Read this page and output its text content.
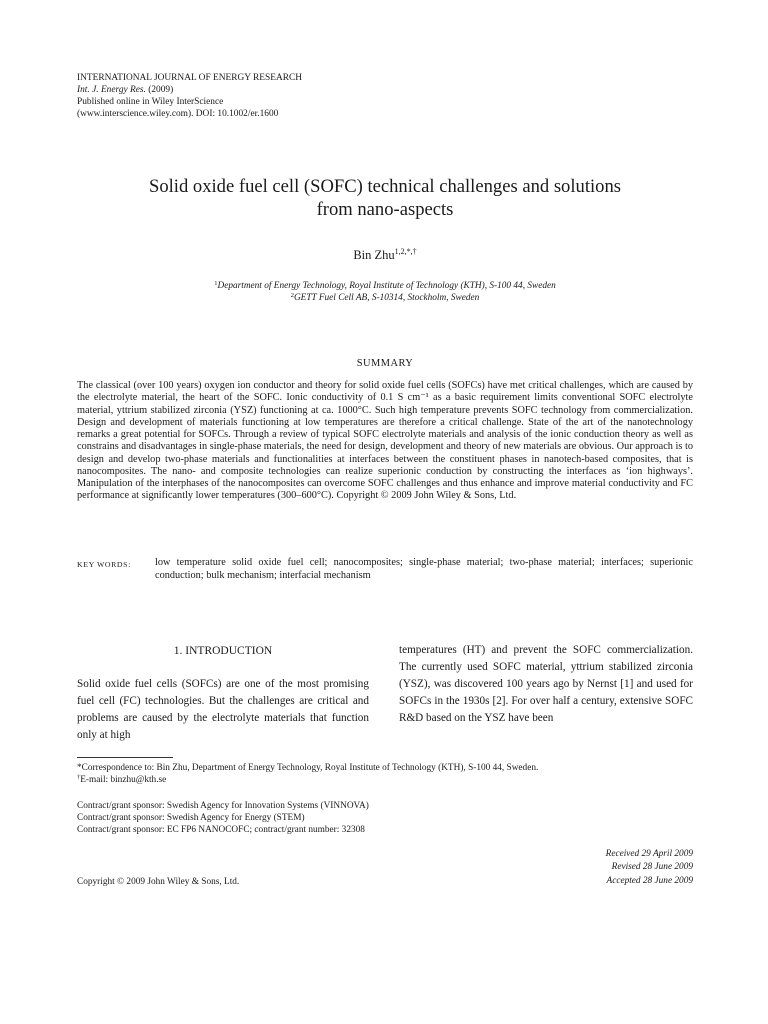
INTERNATIONAL JOURNAL OF ENERGY RESEARCH
Int. J. Energy Res. (2009)
Published online in Wiley InterScience
(www.interscience.wiley.com). DOI: 10.1002/er.1600
Solid oxide fuel cell (SOFC) technical challenges and solutions
from nano-aspects
Bin Zhu$^{1,2,*,\dagger}$
$^1$Department of Energy Technology, Royal Institute of Technology (KTH), S-100 44, Sweden
$^2$GETT Fuel Cell AB, S-10314, Stockholm, Sweden
SUMMARY
The classical (over 100 years) oxygen ion conductor and theory for solid oxide fuel cells (SOFCs) have met critical challenges, which are caused by the electrolyte material, the heart of the SOFC. Ionic conductivity of 0.1 S cm⁻¹ as a basic requirement limits conventional SOFC electrolyte material, yttrium stabilized zirconia (YSZ) functioning at ca. 1000°C. Such high temperature prevents SOFC technology from commercialization. Design and development of materials functioning at low temperatures are therefore a critical challenge. State of the art of the nanotechnology remarks a great potential for SOFCs. Through a review of typical SOFC electrolyte materials and analysis of the ionic conduction theory as well as constrains and disadvantages in single-phase materials, the need for design, development and theory of new materials are obvious. Our approach is to design and develop two-phase materials and functionalities at interfaces between the constituent phases in nanotech-based composites, that is nanocomposites. The nano- and composite technologies can realize superionic conduction by constructing the interfaces as ‘ion highways’. Manipulation of the interphases of the nanocomposites can overcome SOFC challenges and thus enhance and improve material conductivity and FC performance at significantly lower temperatures (300–600°C). Copyright © 2009 John Wiley & Sons, Ltd.
KEY WORDS: low temperature solid oxide fuel cell; nanocomposites; single-phase material; two-phase material; interfaces; superionic conduction; bulk mechanism; interfacial mechanism
1. INTRODUCTION
Solid oxide fuel cells (SOFCs) are one of the most promising fuel cell (FC) technologies. But the challenges are critical and problems are caused by the electrolyte materials that function only at high
temperatures (HT) and prevent the SOFC commercialization. The currently used SOFC material, yttrium stabilized zirconia (YSZ), was discovered 100 years ago by Nernst [1] and used for SOFCs in the 1930s [2]. For over half a century, extensive SOFC R&D based on the YSZ have been
*Correspondence to: Bin Zhu, Department of Energy Technology, Royal Institute of Technology (KTH), S-100 44, Sweden.
†E-mail: binzhu@kth.se
Contract/grant sponsor: Swedish Agency for Innovation Systems (VINNOVA)
Contract/grant sponsor: Swedish Agency for Energy (STEM)
Contract/grant sponsor: EC FP6 NANOCOFC; contract/grant number: 32308
Received 29 April 2009
Revised 28 June 2009
Accepted 28 June 2009
Copyright © 2009 John Wiley & Sons, Ltd.
